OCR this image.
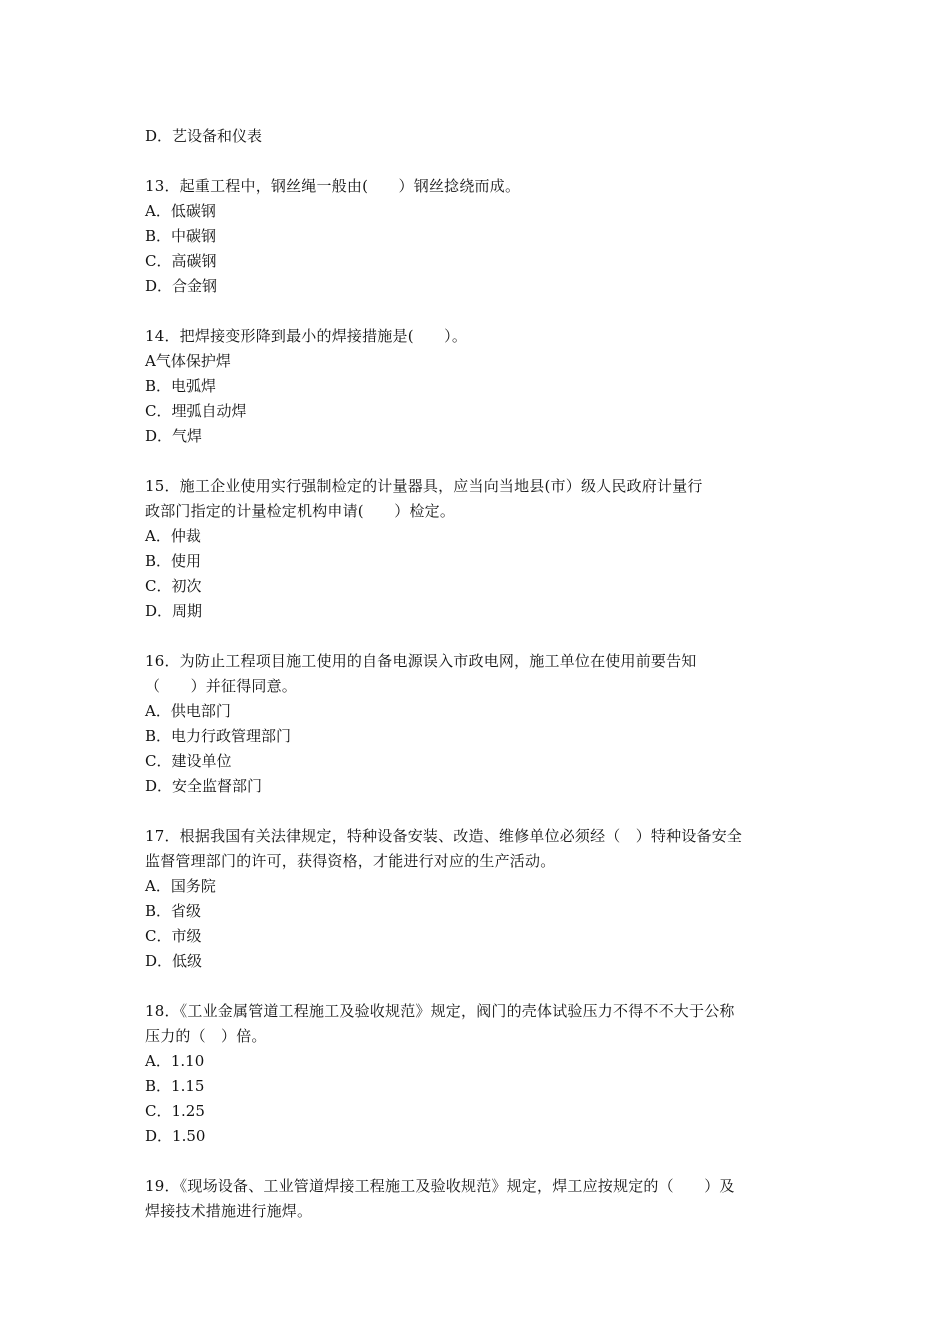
D．艺设备和仪表
13．起重工程中，钢丝绳一般由(　　）钢丝捻绕而成。
A．低碳钢
B．中碳钢
C．高碳钢
D．合金钢
14．把焊接变形降到最小的焊接措施是(　　）。
A气体保护焊
B．电弧焊
C．埋弧自动焊
D．气焊
15．施工企业使用实行强制检定的计量器具，应当向当地县(市）级人民政府计量行
政部门指定的计量检定机构申请(　　）检定。
A．仲裁
B．使用
C．初次
D．周期
16．为防止工程项目施工使用的自备电源误入市政电网，施工单位在使用前要告知
（　　）并征得同意。
A．供电部门
B．电力行政管理部门
C．建设单位
D．安全监督部门
17．根据我国有关法律规定，特种设备安装、改造、维修单位必须经（　）特种设备安全
监督管理部门的许可，获得资格，才能进行对应的生产活动。
A．国务院
B．省级
C．市级
D．低级
18．《工业金属管道工程施工及验收规范》规定，阀门的壳体试验压力不得不不大于公称
压力的（　）倍。
A．1.10
B．1.15
C．1.25
D．1.50
19．《现场设备、工业管道焊接工程施工及验收规范》规定，焊工应按规定的（　　）及
焊接技术措施进行施焊。
